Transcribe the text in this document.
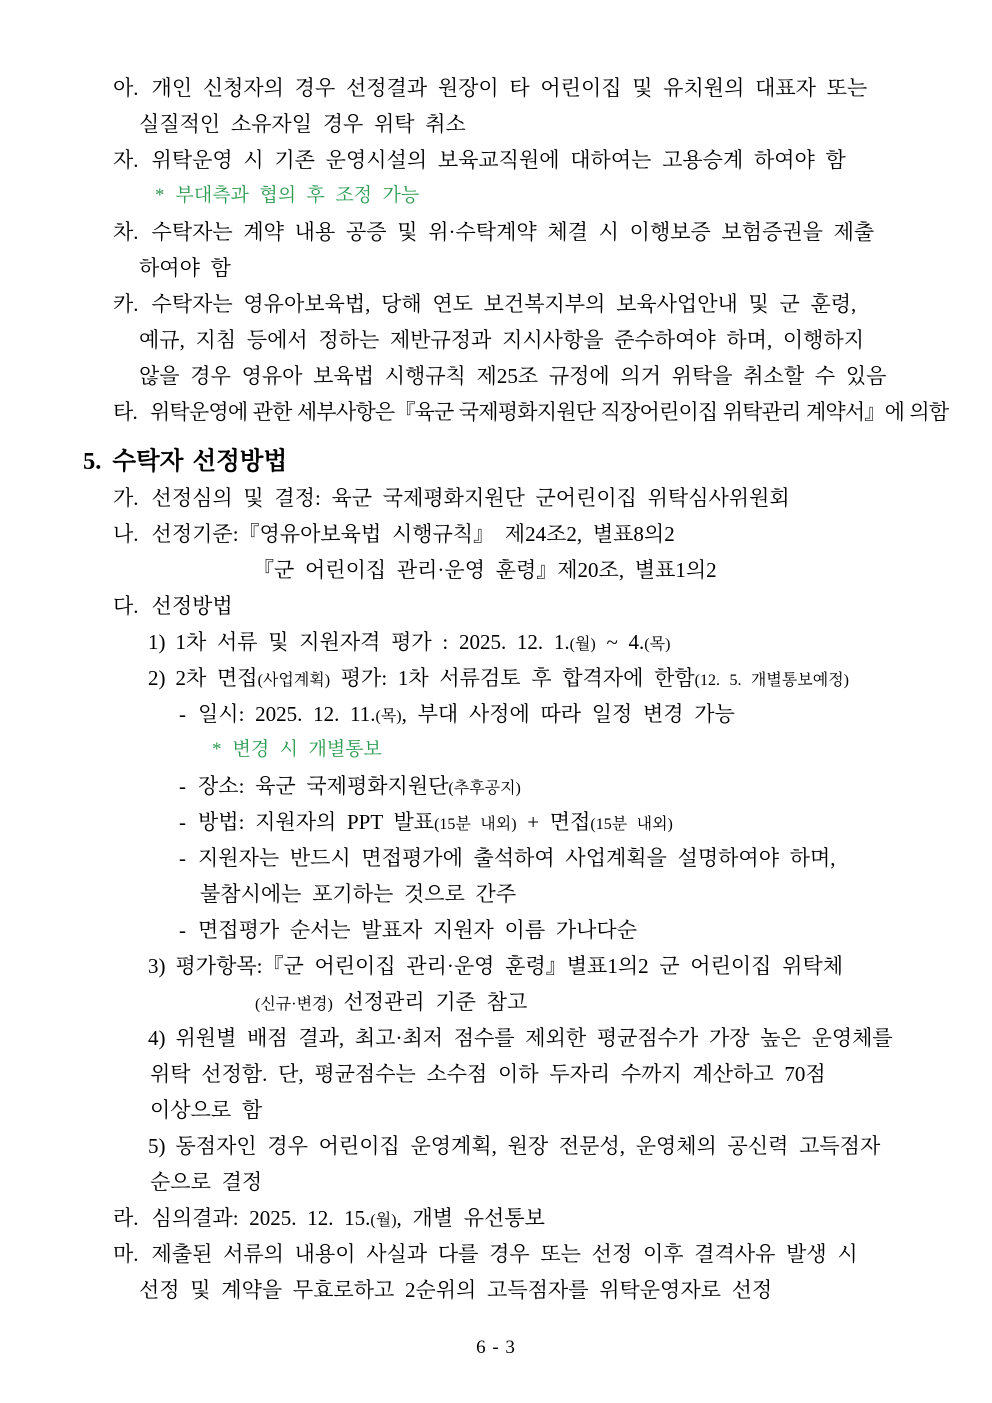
아. 개인 신청자의 경우 선정결과 원장이 타 어린이집 및 유치원의 대표자 또는
실질적인 소유자일 경우 위탁 취소
자. 위탁운영 시 기존 운영시설의 보육교직원에 대하여는 고용승계 하여야 함
* 부대측과 협의 후 조정 가능
차. 수탁자는 계약 내용 공증 및 위·수탁계약 체결 시 이행보증 보험증권을 제출
하여야 함
카. 수탁자는 영유아보육법, 당해 연도 보건복지부의 보육사업안내 및 군 훈령,
예규, 지침 등에서 정하는 제반규정과 지시사항을 준수하여야 하며, 이행하지
않을 경우 영유아 보육법 시행규칙 제25조 규정에 의거 위탁을 취소할 수 있음
타. 위탁운영에 관한 세부사항은『육군 국제평화지원단 직장어린이집 위탁관리 계약서』에 의함
5. 수탁자 선정방법
가. 선정심의 및 결정: 육군 국제평화지원단 군어린이집 위탁심사위원회
나. 선정기준:『영유아보육법 시행규칙』 제24조2, 별표8의2
『군 어린이집 관리·운영 훈령』제20조, 별표1의2
다. 선정방법
1) 1차 서류 및 지원자격 평가 : 2025. 12. 1.(월) ~ 4.(목)
2) 2차 면접(사업계획) 평가: 1차 서류검토 후 합격자에 한함(12. 5. 개별통보예정)
- 일시: 2025. 12. 11.(목), 부대 사정에 따라 일정 변경 가능
* 변경 시 개별통보
- 장소: 육군 국제평화지원단(추후공지)
- 방법: 지원자의 PPT 발표(15분 내외) + 면접(15분 내외)
- 지원자는 반드시 면접평가에 출석하여 사업계획을 설명하여야 하며,
불참시에는 포기하는 것으로 간주
- 면접평가 순서는 발표자 지원자 이름 가나다순
3) 평가항목:『군 어린이집 관리·운영 훈령』별표1의2 군 어린이집 위탁체
(신규·변경) 선정관리 기준 참고
4) 위원별 배점 결과, 최고·최저 점수를 제외한 평균점수가 가장 높은 운영체를
위탁 선정함. 단, 평균점수는 소수점 이하 두자리 수까지 계산하고 70점
이상으로 함
5) 동점자인 경우 어린이집 운영계획, 원장 전문성, 운영체의 공신력 고득점자
순으로 결정
라. 심의결과: 2025. 12. 15.(월), 개별 유선통보
마. 제출된 서류의 내용이 사실과 다를 경우 또는 선정 이후 결격사유 발생 시
선정 및 계약을 무효로하고 2순위의 고득점자를 위탁운영자로 선정
6 - 3
